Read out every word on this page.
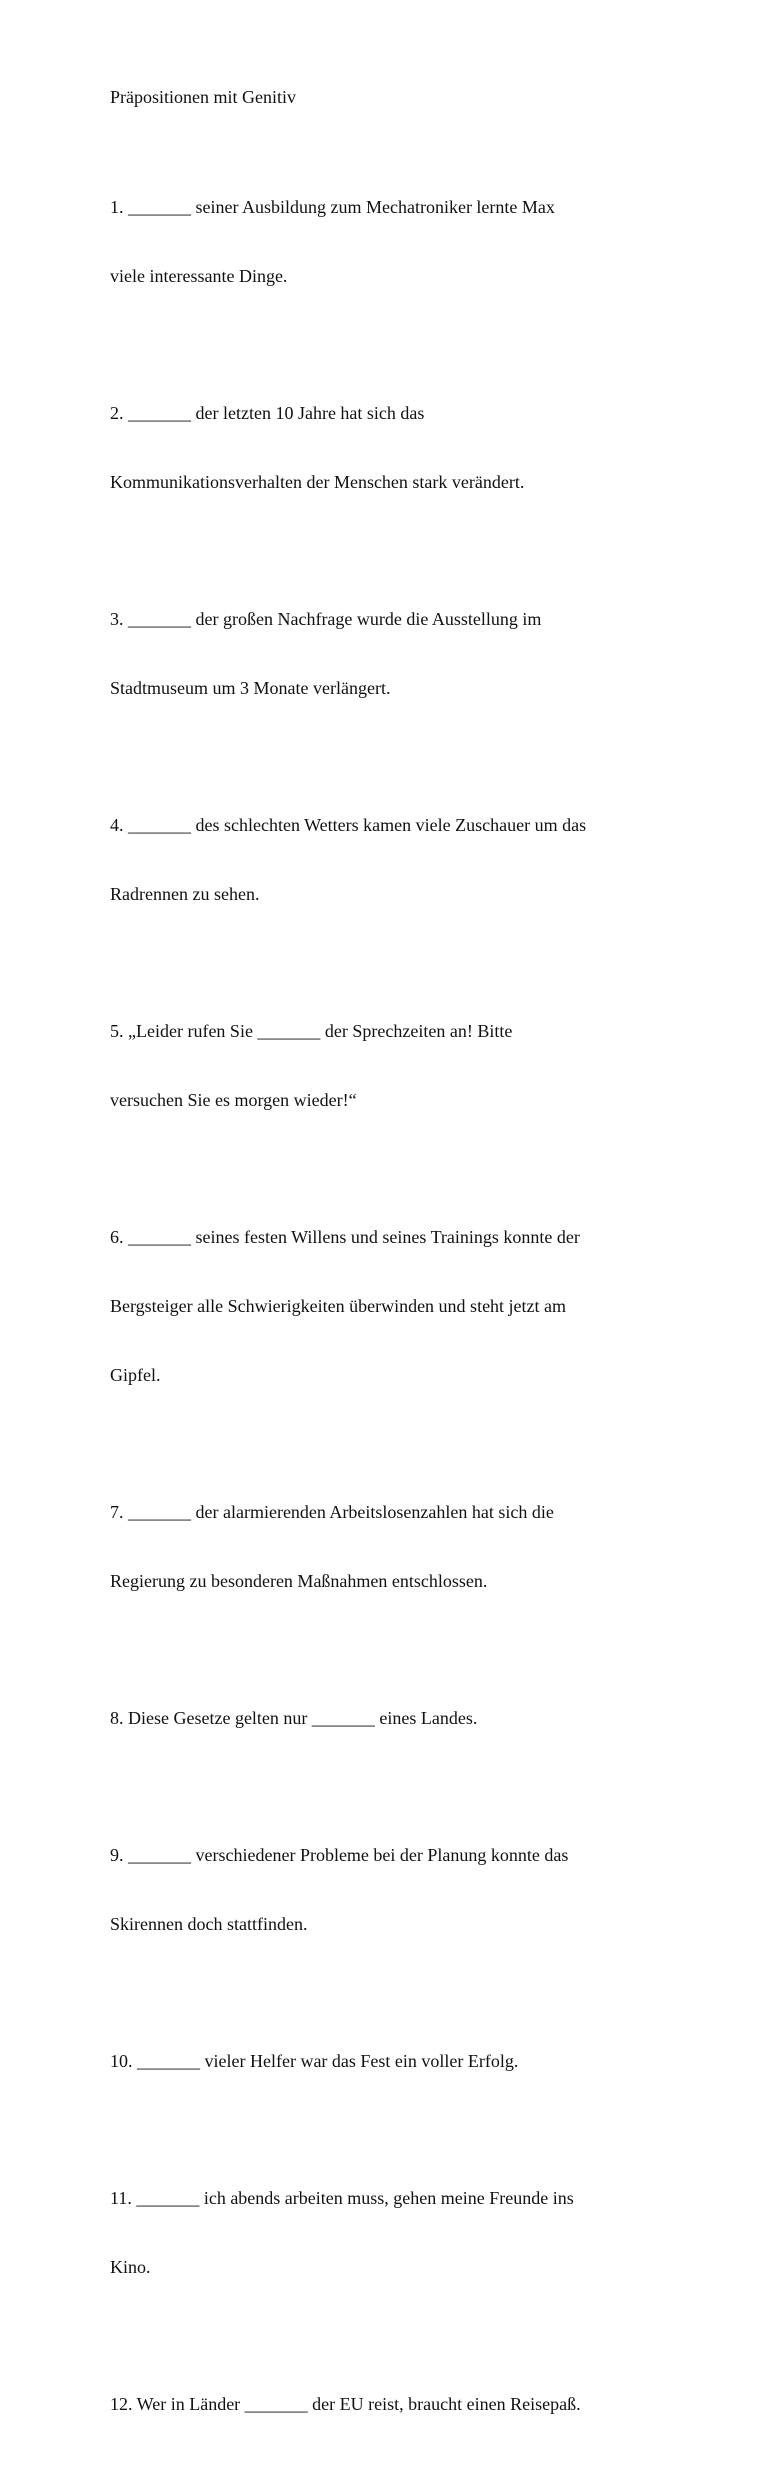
Präpositionen mit Genitiv

1. _______ seiner Ausbildung zum Mechatroniker lernte Max

viele interessante Dinge.

2. _______ der letzten 10 Jahre hat sich das

Kommunikationsverhalten der Menschen stark verändert.

3. _______ der großen Nachfrage wurde die Ausstellung im

Stadtmuseum um 3 Monate verlängert.

4. _______ des schlechten Wetters kamen viele Zuschauer um das

Radrennen zu sehen.

5. „Leider rufen Sie _______ der Sprechzeiten an! Bitte

versuchen Sie es morgen wieder!“

6. _______ seines festen Willens und seines Trainings konnte der

Bergsteiger alle Schwierigkeiten überwinden und steht jetzt am

Gipfel.

7. _______ der alarmierenden Arbeitslosenzahlen hat sich die

Regierung zu besonderen Maßnahmen entschlossen.

8. Diese Gesetze gelten nur _______ eines Landes.

9. _______ verschiedener Probleme bei der Planung konnte das

Skirennen doch stattfinden.

10. _______ vieler Helfer war das Fest ein voller Erfolg.

11. _______ ich abends arbeiten muss, gehen meine Freunde ins

Kino.

12. Wer in Länder _______ der EU reist, braucht einen Reisepaß.
